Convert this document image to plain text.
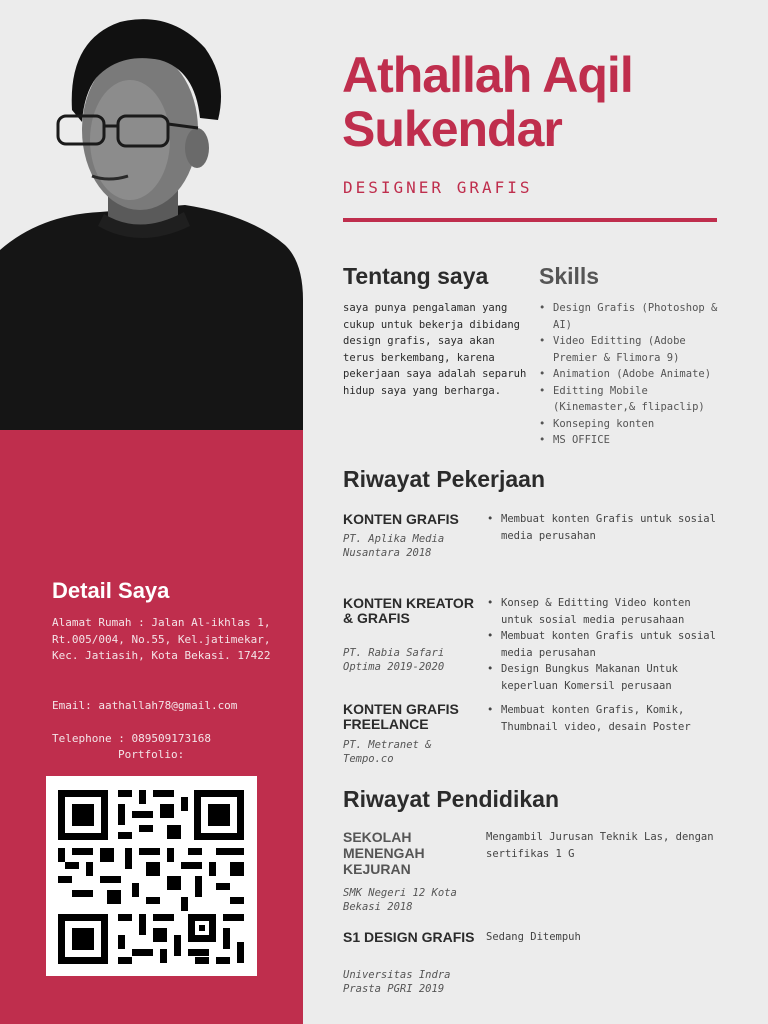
Detail Saya
Alamat Rumah : Jalan Al-ikhlas 1, Rt.005/004, No.55, Kel.jatimekar, Kec. Jatiasih, Kota Bekasi. 17422
Email: aathallah78@gmail.com
Telephone : 089509173168
Portfolio:
Athallah Aqil Sukendar
DESIGNER GRAFIS
Tentang saya
saya punya pengalaman yang cukup untuk bekerja dibidang design grafis, saya akan terus berkembang, karena pekerjaan saya adalah separuh hidup saya yang berharga.
Skills
• Design Grafis (Photoshop & AI)
• Video Editting (Adobe Premier & Flimora 9)
• Animation (Adobe Animate)
• Editting Mobile (Kinemaster,& flipaclip)
• Konseping konten
• MS OFFICE
Riwayat Pekerjaan
KONTEN GRAFIS
PT. Aplika Media Nusantara 2018
• Membuat konten Grafis untuk sosial media perusahan
KONTEN KREATOR & GRAFIS
PT. Rabia Safari Optima 2019-2020
• Konsep & Editting Video konten untuk sosial media perusahaan
• Membuat konten Grafis untuk sosial media perusahan
• Design Bungkus Makanan Untuk keperluan Komersil perusaan
KONTEN GRAFIS FREELANCE
PT. Metranet & Tempo.co
• Membuat konten Grafis, Komik, Thumbnail video, desain Poster
Riwayat Pendidikan
SEKOLAH MENENGAH KEJURAN
SMK Negeri 12 Kota Bekasi 2018
Mengambil Jurusan Teknik Las, dengan sertifikas 1 G
S1 DESIGN GRAFIS
Universitas Indra Prasta PGRI 2019
Sedang Ditempuh
